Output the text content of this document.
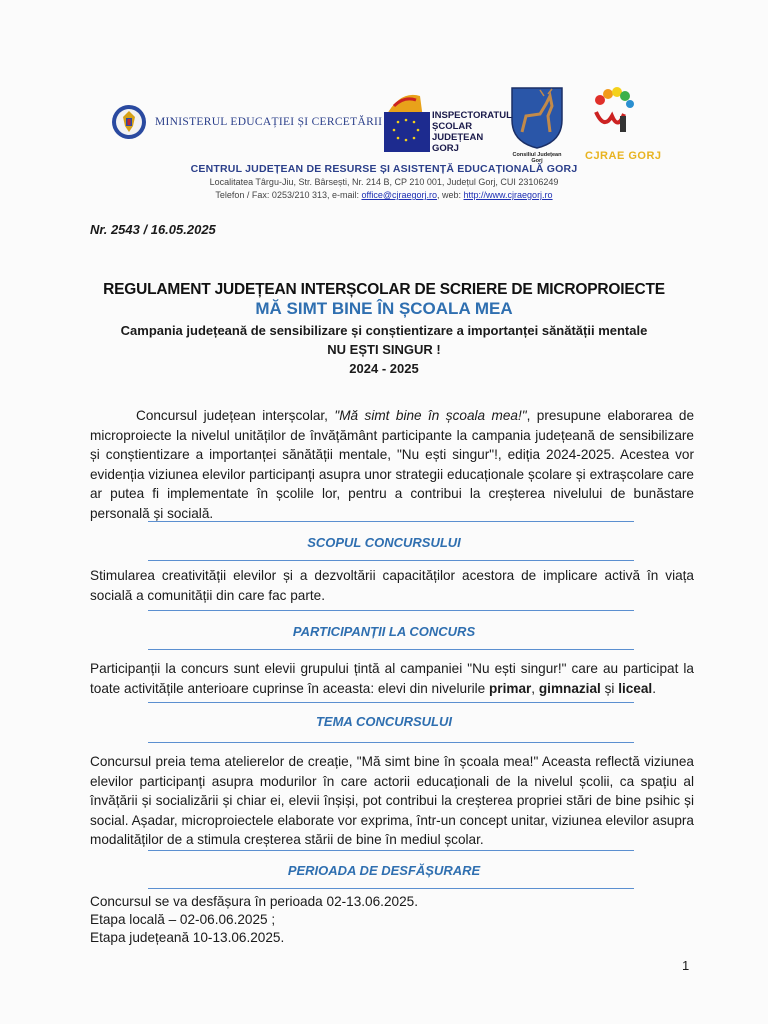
MINISTERUL EDUCAȚIEI ȘI CERCETĂRII
INSPECTORATUL
ȘCOLAR
JUDEȚEAN
GORJ
Consiliul Județean Gorj	CJRAE GORJ
CENTRUL JUDEȚEAN DE RESURSE ȘI ASISTENȚĂ EDUCAȚIONALĂ GORJ
Localitatea Târgu-Jiu, Str. Bârsești, Nr. 214 B, CP 210 001, Județul Gorj, CUI 23106249
Telefon / Fax: 0253/210 313, e-mail: office@cjraegorj.ro, web: http://www.cjraegorj.ro
Nr. 2543 / 16.05.2025
REGULAMENT JUDEȚEAN INTERȘCOLAR DE SCRIERE DE MICROPROIECTE
MĂ SIMT BINE ÎN ȘCOALA MEA
Campania județeană de sensibilizare și conștientizare a importanței sănătății mentale
NU EȘTI SINGUR !
2024 - 2025
Concursul județean interșcolar, "Mă simt bine în școala mea!", presupune elaborarea de microproiecte la nivelul unităților de învățământ participante la campania județeană de sensibilizare și conștientizare a importanței sănătății mentale, "Nu ești singur"!, ediția 2024-2025. Acestea vor evidenția viziunea elevilor participanți asupra unor strategii educaționale școlare și extrașcolare care ar putea fi implementate în școlile lor, pentru a contribui la creșterea nivelului de bunăstare personală și socială.
SCOPUL CONCURSULUI
Stimularea creativității elevilor și a dezvoltării capacităților acestora de implicare activă în viața socială a comunității din care fac parte.
PARTICIPANȚII LA CONCURS
Participanții la concurs sunt elevii grupului țintă al campaniei "Nu ești singur!" care au participat la toate activitățile anterioare cuprinse în aceasta: elevi din nivelurile primar, gimnazial și liceal.
TEMA CONCURSULUI
Concursul preia tema atelierelor de creație, "Mă simt bine în școala mea!" Aceasta reflectă viziunea elevilor participanți asupra modurilor în care actorii educaționali de la nivelul școlii, ca spațiu al învățării și socializării și chiar ei, elevii înșiși, pot contribui la creșterea propriei stări de bine psihic și social. Așadar, microproiectele elaborate vor exprima, într-un concept unitar, viziunea elevilor asupra modalităților de a stimula creșterea stării de bine în mediul școlar.
PERIOADA DE DESFĂȘURARE
Concursul se va desfășura în perioada 02-13.06.2025.
Etapa locală – 02-06.06.2025 ;
Etapa județeană 10-13.06.2025.
1
